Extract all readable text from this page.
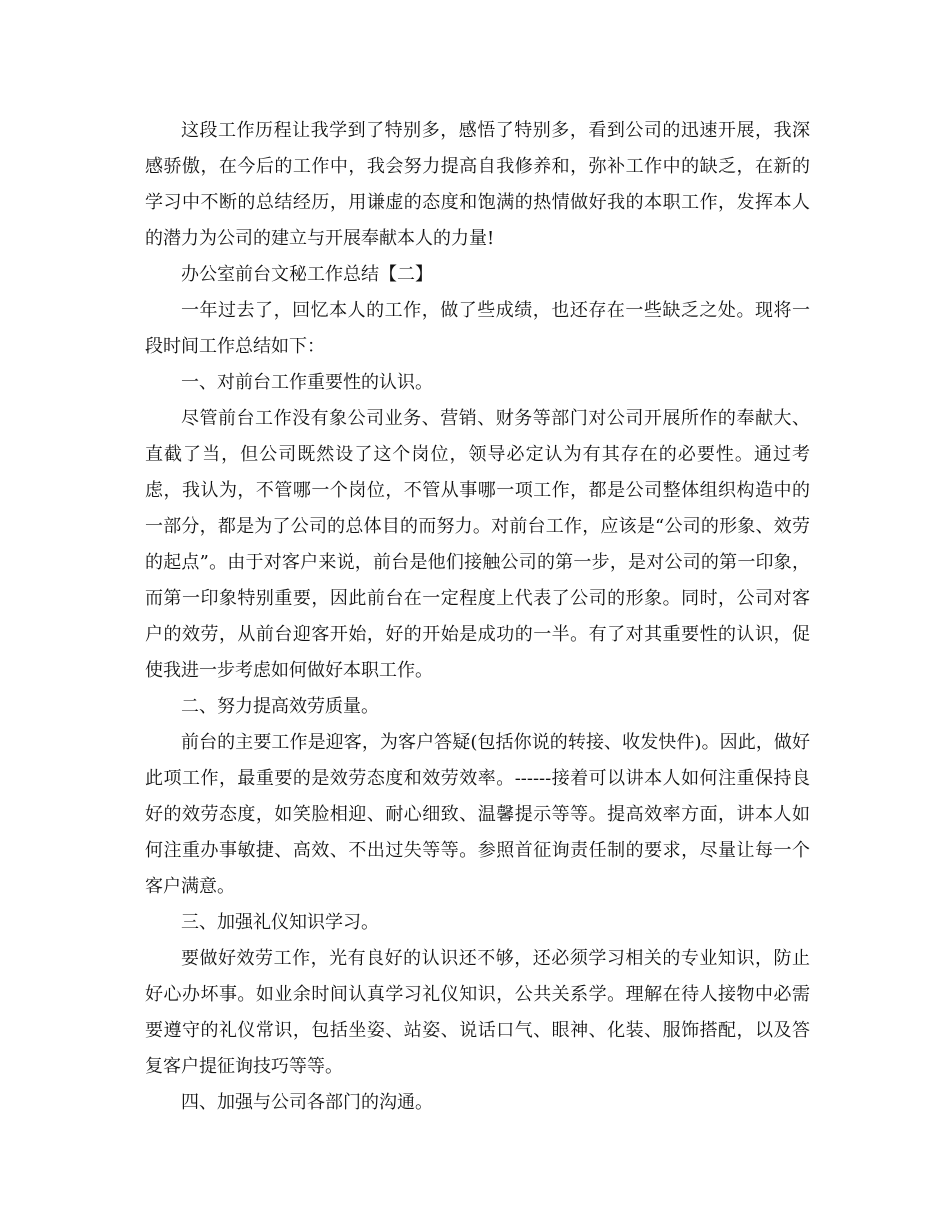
这段工作历程让我学到了特别多，感悟了特别多，看到公司的迅速开展，我深感骄傲，在今后的工作中，我会努力提高自我修养和，弥补工作中的缺乏，在新的学习中不断的总结经历，用谦虚的态度和饱满的热情做好我的本职工作，发挥本人的潜力为公司的建立与开展奉献本人的力量!

办公室前台文秘工作总结【二】

一年过去了，回忆本人的工作，做了些成绩，也还存在一些缺乏之处。现将一段时间工作总结如下：

一、对前台工作重要性的认识。

尽管前台工作没有象公司业务、营销、财务等部门对公司开展所作的奉献大、直截了当，但公司既然设了这个岗位，领导必定认为有其存在的必要性。通过考虑，我认为，不管哪一个岗位，不管从事哪一项工作，都是公司整体组织构造中的一部分，都是为了公司的总体目的而努力。对前台工作，应该是“公司的形象、效劳的起点”。由于对客户来说，前台是他们接触公司的第一步，是对公司的第一印象，而第一印象特别重要，因此前台在一定程度上代表了公司的形象。同时，公司对客户的效劳，从前台迎客开始，好的开始是成功的一半。有了对其重要性的认识，促使我进一步考虑如何做好本职工作。

二、努力提高效劳质量。

前台的主要工作是迎客，为客户答疑(包括你说的转接、收发快件)。因此，做好此项工作，最重要的是效劳态度和效劳效率。------接着可以讲本人如何注重保持良好的效劳态度，如笑脸相迎、耐心细致、温馨提示等等。提高效率方面，讲本人如何注重办事敏捷、高效、不出过失等等。参照首征询责任制的要求，尽量让每一个客户满意。

三、加强礼仪知识学习。

要做好效劳工作，光有良好的认识还不够，还必须学习相关的专业知识，防止好心办坏事。如业余时间认真学习礼仪知识，公共关系学。理解在待人接物中必需要遵守的礼仪常识，包括坐姿、站姿、说话口气、眼神、化装、服饰搭配，以及答复客户提征询技巧等等。

四、加强与公司各部门的沟通。
